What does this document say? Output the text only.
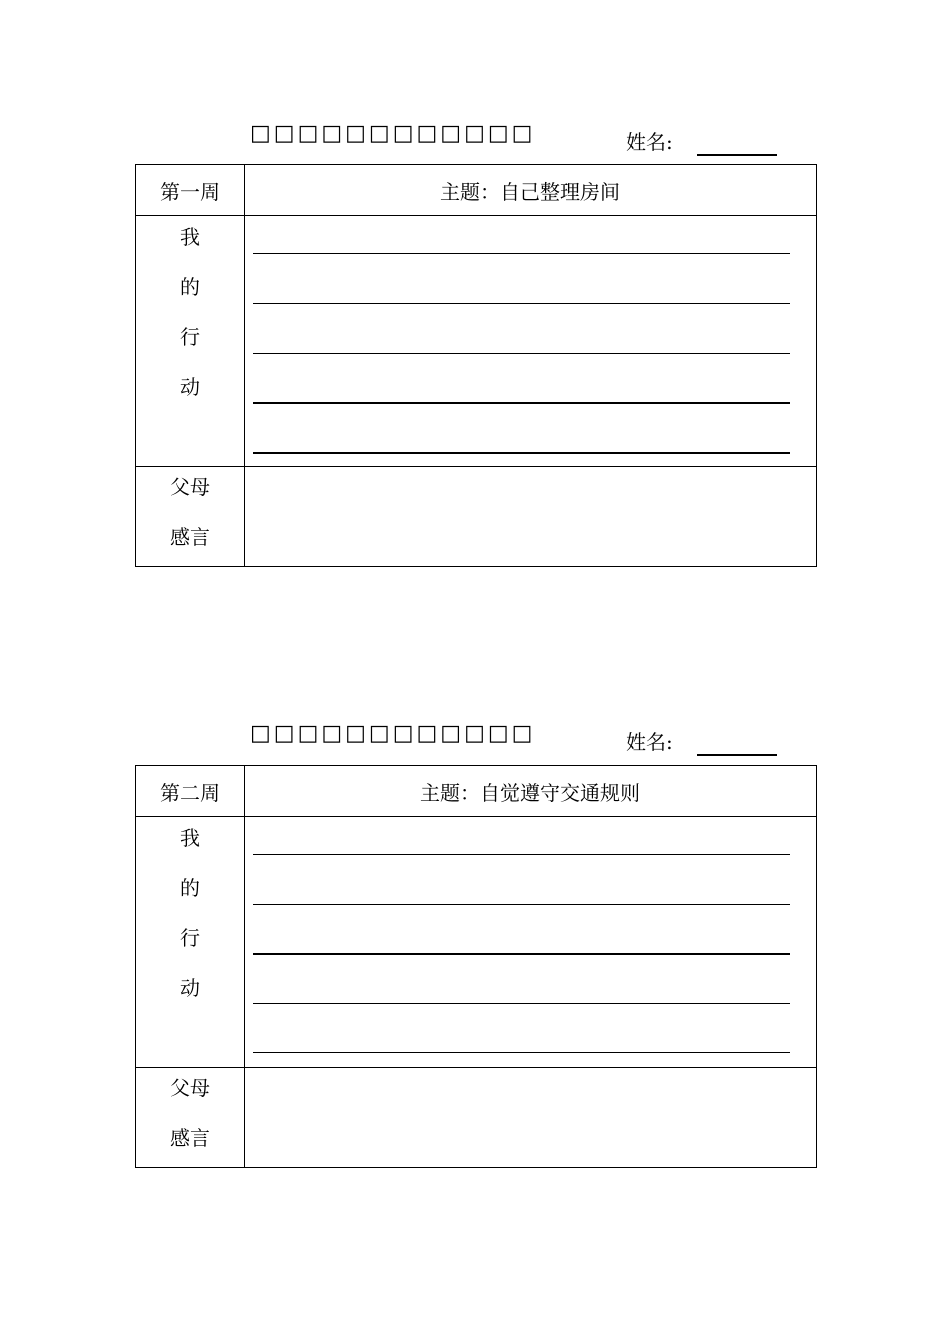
□□□□□□□□□□□□	姓名:
第一周	主题：自己整理房间
我
的
行
动
父母
感言
□□□□□□□□□□□□	姓名:
第二周	主题：自觉遵守交通规则
我
的
行
动
父母
感言
